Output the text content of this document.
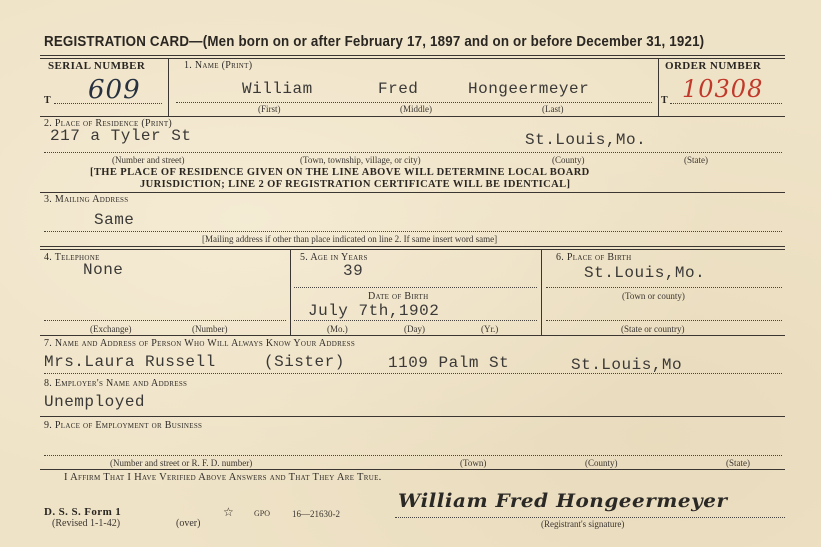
REGISTRATION CARD—(Men born on or after February 17, 1897 and on or before December 31, 1921)
SERIAL NUMBER
T 609
1. Name (Print)
William	Fred	Hongeermeyer
(First)	(Middle)	(Last)
ORDER NUMBER
T 10308
2. Place of Residence (Print)
217 a Tyler St	St.Louis,Mo.
(Number and street)	(Town, township, village, or city)	(County)	(State)
[THE PLACE OF RESIDENCE GIVEN ON THE LINE ABOVE WILL DETERMINE LOCAL BOARD
JURISDICTION; LINE 2 OF REGISTRATION CERTIFICATE WILL BE IDENTICAL]
3. Mailing Address
Same
[Mailing address if other than place indicated on line 2. If same insert word same]
4. Telephone
None
(Exchange)	(Number)
5. Age in Years
39
Date of Birth
July 7th,1902
(Mo.)	(Day)	(Yr.)
6. Place of Birth
St.Louis,Mo.
(Town or county)
(State or country)
7. Name and Address of Person Who Will Always Know Your Address
Mrs.Laura Russell	(Sister)	1109 Palm St	St.Louis,Mo
8. Employer's Name and Address
Unemployed
9. Place of Employment or Business
(Number and street or R. F. D. number)	(Town)	(County)	(State)
I Affirm That I Have Verified Above Answers and That They Are True.
D. S. S. Form 1
(Revised 1-1-42)	(over)
☆	GPO 16—21630-2
William Fred Hongeermeyer
(Registrant's signature)
